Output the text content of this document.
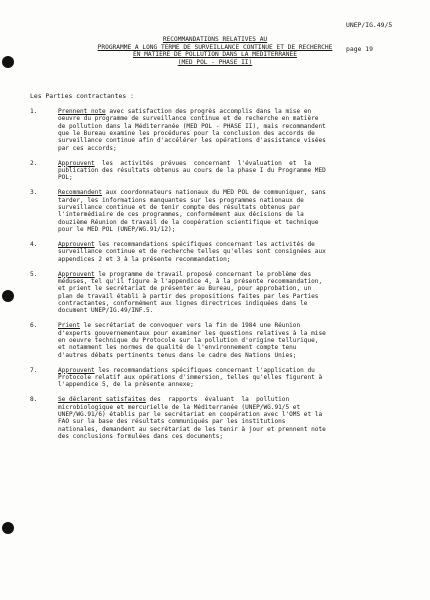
UNEP/IG.49/5

page 19

RECOMMANDATIONS RELATIVES AU
PROGRAMME A LONG TERME DE SURVEILLANCE CONTINUE ET DE RECHERCHE
EN MATIERE DE POLLUTION DANS LA MEDITERRANEE
(MED POL - PHASE II)
Les Parties contractantes :
1.	Prennent note avec satisfaction des progrès accomplis dans la mise en
oeuvre du programme de surveillance continue et de recherche en matière
de pollution dans la Méditerranée (MED POL - PHASE II), mais recommandent
que le Bureau examine les procédures pour la conclusion des accords de
surveillance continue afin d'accélérer les opérations d'assistance visées
par ces accords;
2.	Approuvent  les  activités  prévues  concernant  l'évaluation  et  la
publication des résultats obtenus au cours de la phase I du Programme MED
POL;
3.	Recommandent aux coordonnateurs nationaux du MED POL de communiquer, sans
tarder, les informations manquantes sur les programmes nationaux de
surveillance continue et de tenir compte des résultats obtenus par
l'intermédiaire de ces programmes, conformément aux décisions de la
douzième Réunion de travail de la coopération scientifique et technique
pour le MED POL (UNEP/WG.91/12);
4.	Approuvent les recommandations spécifiques concernant les activités de
surveillance continue et de recherche telles qu'elles sont consignées aux
appendices 2 et 3 à la présente recommandation;
5.	Approuvent le programme de travail proposé concernant le problème des
méduses, tel qu'il figure à l'appendice 4, à la présente recommandation,
et prient le secrétariat de présenter au Bureau, pour approbation, un
plan de travail établi à partir des propositions faites par les Parties
contractantes, conformément aux lignes directrices indiquées dans le
document UNEP/IG.49/INF.5.
6.	Prient le secrétariat de convoquer vers la fin de 1984 une Réunion
d'experts gouvernementaux pour examiner les questions relatives à la mise
en oeuvre technique du Protocole sur la pollution d'origine tellurique,
et notamment les normes de qualité de l'environnement compte tenu
d'autres débats pertinents tenus dans le cadre des Nations Unies;
7.	Approuvent les recommandations spécifiques concernant l'application du
Protocole relatif aux opérations d'immersion, telles qu'elles figurent à
l'appendice 5, de la présente annexe;
8.	Se déclarent satisfaites des  rapports  évaluant  la  pollution
microbiologique et mercurielle de la Méditerranée (UNEP/WG.91/5 et
UNEP/WG.91/6) établis par le secrétariat en coopération avec l'OMS et la
FAO sur la base des résultats communiqués par les institutions
nationales, demandent au secrétariat de les tenir à jour et prennent note
des conclusions formulées dans ces documents;
